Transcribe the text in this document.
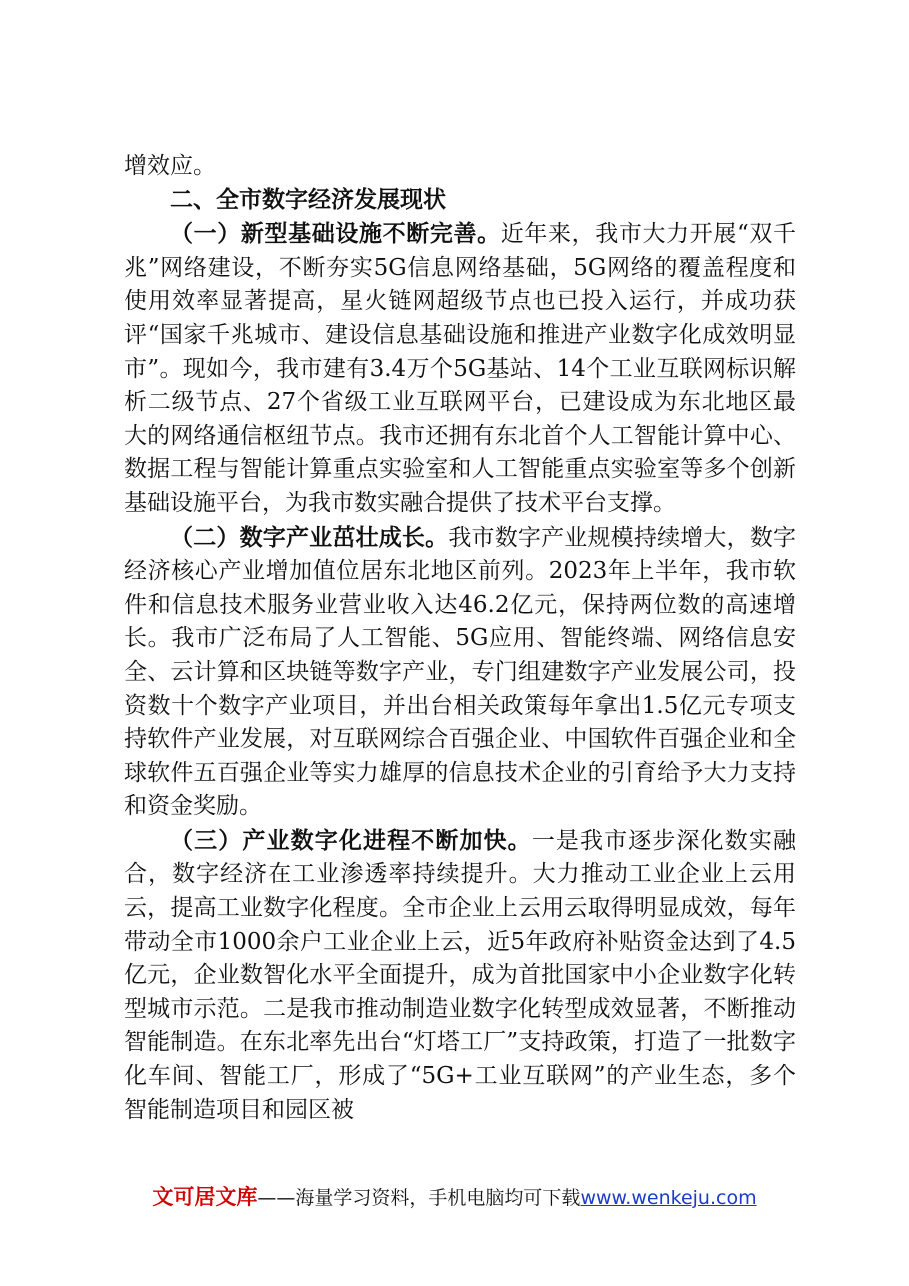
增效应。

二、全市数字经济发展现状

（一）新型基础设施不断完善。近年来，我市大力开展“双千兆”网络建设，不断夯实5G信息网络基础，5G网络的覆盖程度和使用效率显著提高，星火链网超级节点也已投入运行，并成功获评“国家千兆城市、建设信息基础设施和推进产业数字化成效明显市”。现如今，我市建有3.4万个5G基站、14个工业互联网标识解析二级节点、27个省级工业互联网平台，已建设成为东北地区最大的网络通信枢纽节点。我市还拥有东北首个人工智能计算中心、数据工程与智能计算重点实验室和人工智能重点实验室等多个创新基础设施平台，为我市数实融合提供了技术平台支撑。

（二）数字产业茁壮成长。我市数字产业规模持续增大，数字经济核心产业增加值位居东北地区前列。2023年上半年，我市软件和信息技术服务业营业收入达46.2亿元，保持两位数的高速增长。我市广泛布局了人工智能、5G应用、智能终端、网络信息安全、云计算和区块链等数字产业，专门组建数字产业发展公司，投资数十个数字产业项目，并出台相关政策每年拿出1.5亿元专项支持软件产业发展，对互联网综合百强企业、中国软件百强企业和全球软件五百强企业等实力雄厚的信息技术企业的引育给予大力支持和资金奖励。

（三）产业数字化进程不断加快。一是我市逐步深化数实融合，数字经济在工业渗透率持续提升。大力推动工业企业上云用云，提高工业数字化程度。全市企业上云用云取得明显成效，每年带动全市1000余户工业企业上云，近5年政府补贴资金达到了4.5亿元，企业数智化水平全面提升，成为首批国家中小企业数字化转型城市示范。二是我市推动制造业数字化转型成效显著，不断推动智能制造。在东北率先出台“灯塔工厂”支持政策，打造了一批数字化车间、智能工厂，形成了“5G+工业互联网”的产业生态，多个智能制造项目和园区被

文可居文库——海量学习资料，手机电脑均可下载www.wenkeju.com
